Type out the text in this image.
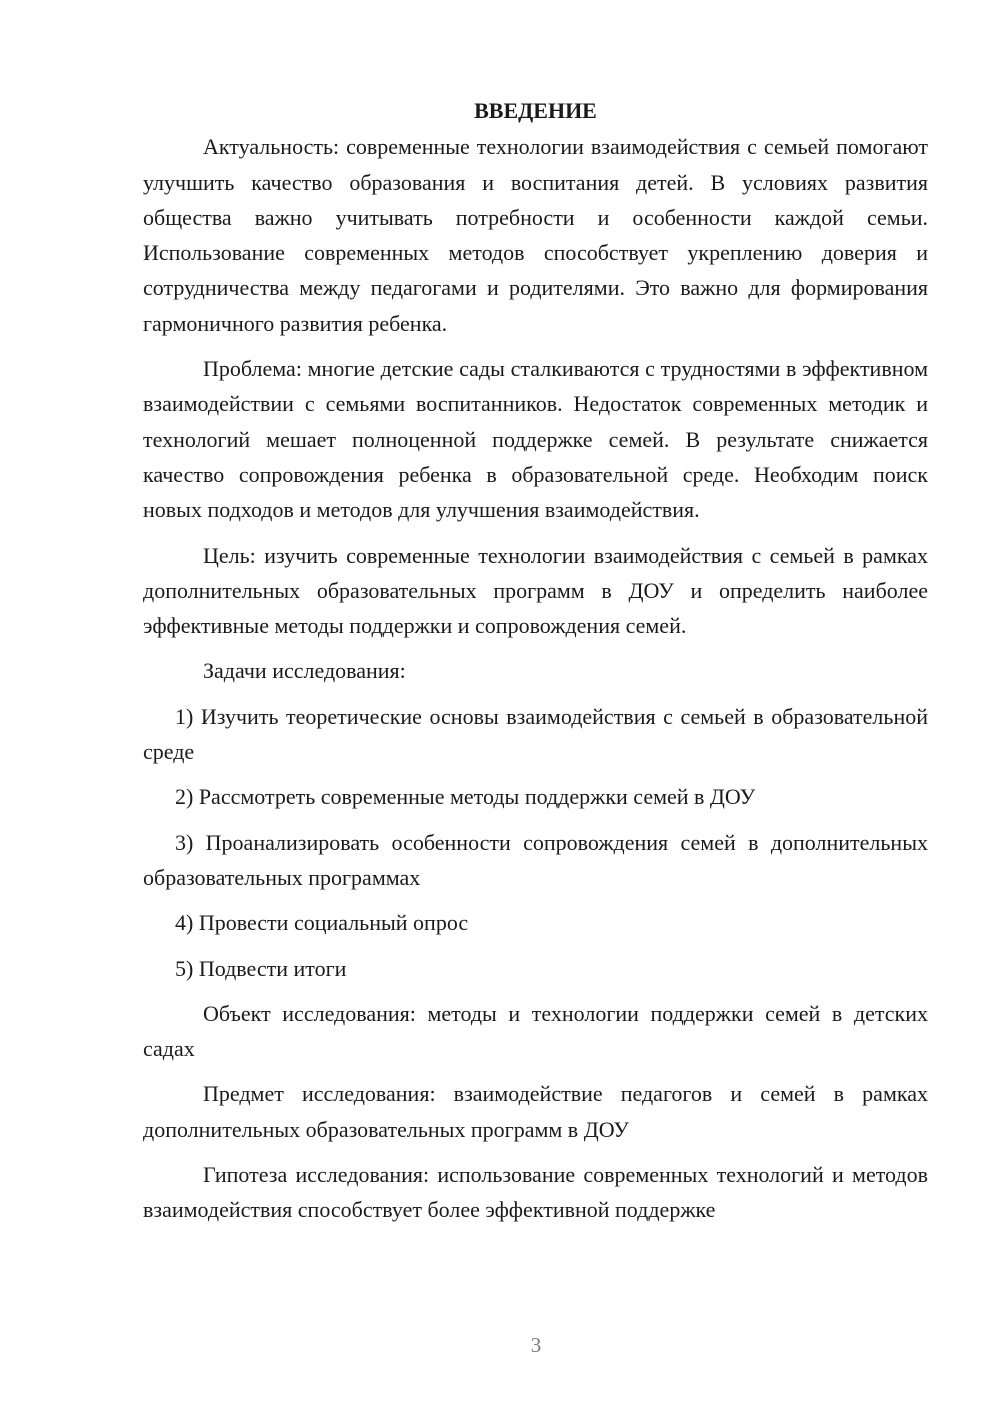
ВВЕДЕНИЕ

Актуальность: современные технологии взаимодействия с семьей помогают улучшить качество образования и воспитания детей. В условиях развития общества важно учитывать потребности и особенности каждой семьи. Использование современных методов способствует укреплению доверия и сотрудничества между педагогами и родителями. Это важно для формирования гармоничного развития ребенка.

Проблема: многие детские сады сталкиваются с трудностями в эффективном взаимодействии с семьями воспитанников. Недостаток современных методик и технологий мешает полноценной поддержке семей. В результате снижается качество сопровождения ребенка в образовательной среде. Необходим поиск новых подходов и методов для улучшения взаимодействия.

Цель: изучить современные технологии взаимодействия с семьей в рамках дополнительных образовательных программ в ДОУ и определить наиболее эффективные методы поддержки и сопровождения семей.

Задачи исследования:

1) Изучить теоретические основы взаимодействия с семьей в образовательной среде

2) Рассмотреть современные методы поддержки семей в ДОУ

3) Проанализировать особенности сопровождения семей в дополнительных образовательных программах

4) Провести социальный опрос

5) Подвести итоги

Объект исследования: методы и технологии поддержки семей в детских садах

Предмет исследования: взаимодействие педагогов и семей в рамках дополнительных образовательных программ в ДОУ

Гипотеза исследования: использование современных технологий и методов взаимодействия способствует более эффективной поддержке

3
